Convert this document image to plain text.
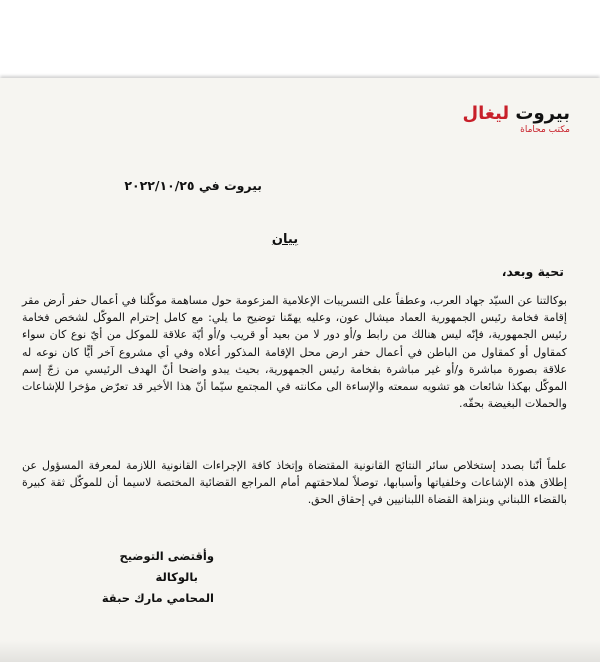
بيروت ليغال
مكتب محاماة
بيروت في ٢٠٢٢/١٠/٢٥
بيان
تحية وبعد،
بوكالتنا عن السيّد جهاد العرب، وعطفاً على التسريبات الإعلامية المزعومة حول مساهمة موكّلنا في أعمال حفر أرض مقر إقامة فخامة رئيس الجمهورية العماد ميشال عون، وعليه يهمّنا توضيح ما يلي: مع كامل إحترام الموكّل لشخص فخامة رئيس الجمهورية، فإنّه ليس هنالك من رابط و/أو دور لا من بعيد أو قريب و/أو أيّة علاقة للموكل من أيّ نوع كان سواء كمقاول أو كمقاول من الباطن في أعمال حفر ارض محل الإقامة المذكور أعلاه وفي أي مشروع آخر أيًّا كان نوعه له علاقة بصورة مباشرة و/أو غير مباشرة بفخامة رئيس الجمهورية، بحيث يبدو واضحا أنّ الهدف الرئيسي من زجّ إسم الموكّل بهكذا شائعات هو تشويه سمعته والإساءة الى مكانته في المجتمع سيّما أنّ هذا الأخير قد تعرّض مؤخرا للإشاعات والحملات البغيضة بحقّه.
علماً أنّنا بصدد إستخلاص سائر النتائج القانونية المقتضاة وإتخاذ كافة الإجراءات القانونية اللازمة لمعرفة المسؤول عن إطلاق هذه الإشاعات وخلفياتها وأسبابها، توصلاً لملاحقتهم أمام المراجع القضائية المختصة لاسيما أن للموكّل ثقة كبيرة بالقضاء اللبناني وبنزاهة القضاة اللبنانيين في إحقاق الحق.
وأقتضى التوضيح
بالوكالة
المحامي مارك حبقة
